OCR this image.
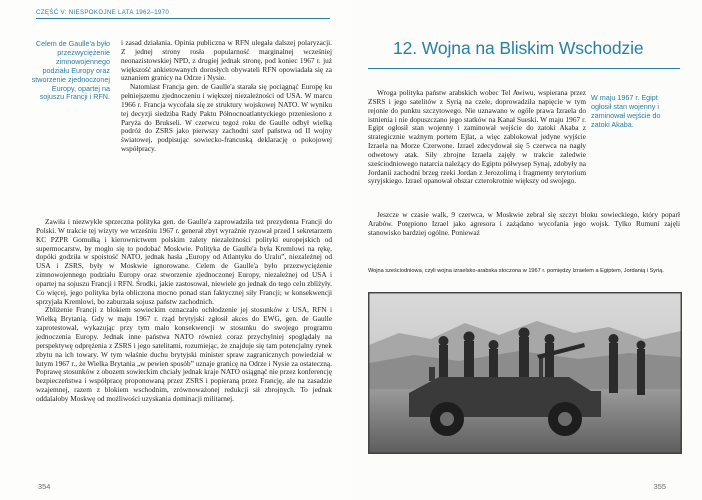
CZĘŚĆ V: NIESPOKOJNE LATA 1962–1970
Celem de Gaulle'a było przezwyciężenie zimnowojennego podziału Europy oraz stworzenie zjednoczonej Europy, opartej na sojuszu Francji i RFN.

i zasad działania. Opinia publiczna w RFN ulegała dalszej polaryzacji. Z jednej strony rosła popularność marginalnej wcześniej neonazistowskiej NPD, z drugiej jednak stronę, pod koniec 1967 r. już większość ankietowanych dorosłych obywateli RFN opowiadała się za uznaniem granicy na Odrze i Nysie.

Natomiast Francja gen. de Gaulle'a starała się pociągnąć Europę ku pełniejszemu zjednoczeniu i większej niezależności od USA. W marcu 1966 r. Francja wycofała się ze struktury wojskowej NATO. W wyniku tej decyzji siedziba Rady Paktu Północnoatlantyckiego przeniesiono z Paryża do Brukseli. W czerwcu tegoż roku de Gaulle odbył wielką podróż do ZSRS jako pierwszy zachodni szef państwa od II wojny światowej, podpisując sowiecko-francuską deklarację o pokojowej współpracy.

Zawiła i niezwykle sprzeczna polityka gen. de Gaulle'a zaprowadziła też prezydenta Francji do Polski. W trakcie tej wizyty we wrześniu 1967 r. generał zbyt wyraźnie ryzował przed I sekretarzem KC PZPR Gomułką i kierownictwem polskim zalety niezależności polityki europejskich od supermocarstw, by mogło się to podobać Moskwie. Polityka de Gaulle'a była Kremlowi na rękę, dopóki godziła w spoistość NATO, jednak hasła „Europy od Atlantyku do Uralu”, niezależnej od USA i ZSRS, były w Moskwie ignorowane. Celem de Gaulle'a było przezwyciężenie zimnowojennego podziału Europy oraz stworzenie zjednoczonej Europy, niezależnej od USA i opartej na sojuszu Francji i RFN. Środki, jakie zastosował, niewiele go jednak do tego celu zbliżyły. Co więcej, jego polityka była obliczona mocno ponad stan faktycznej siły Francji; w konsekwencji sprzyjała Kremlowi, bo zaburzała sojusz państw zachodnich.

Zbliżenie Francji z blokiem sowieckim oznaczało ochłodzenie jej stosunków z USA, RFN i Wielką Brytanią. Gdy w maju 1967 r. rząd brytyjski zgłosił akces do EWG, gen. de Gaulle zaprotestował, wykazując przy tym mało konsekwencji w stosunku do swojego programu jednoczenia Europy. Jednak inne państwa NATO również coraz przychylniej spoglądały na perspektywę odprężenia z ZSRS i jego satelitami, rozumiejąc, że znajduje się tam potencjalny rynek zbytu na ich towary. W tym właśnie duchu brytyjski minister spraw zagranicznych powiedział w lutym 1967 r., że Wielka Brytania „w pewien sposób” uznaje granicę na Odrze i Nysie za ostateczną. Poprawę stosunków z obozem sowieckim chciały jednak kraje NATO osiągnąć nie przez konferencję bezpieczeństwa i współpracę proponowaną przez ZSRS i popieraną przez Francję, ale na zasadzie wzajemnej, razem z blokiem wschodnim, zrównoważonej redukcji sił zbrojnych. To jednak oddalałoby Moskwę od możliwości uzyskania dominacji militarnej.

354
12. Wojna na Bliskim Wschodzie

Wroga polityka państw arabskich wobec Tel Awiwu, wspierana przez ZSRS i jego satelitów z Syrią na czele, doprowadziła napięcie w tym rejonie do punktu szczytowego. Nie uznawano w ogóle prawa Izraela do istnienia i nie dopuszczano jego statków na Kanał Sueski. W maju 1967 r. Egipt ogłosił stan wojenny i zaminował wejście do zatoki Akaba z strategicznie ważnym portem Ejlat, a więc zablokował jedyne wyjście Izraela na Morze Czerwone. Izrael zdecydował się 5 czerwca na nagły odwetowy atak. Siły zbrojne Izraela zajęły w trakcie zaledwie sześciodniowego natarcia należący do Egiptu półwysep Synaj, zdobyły na Jordanii zachodni brzeg rzeki Jordan z Jerozolimą i fragmenty terytorium syryjskiego. Izrael opanował obszar czterokrotnie większy od swojego.

W maju 1967 r. Egipt ogłosił stan wojenny i zaminował wejście do zatoki Akaba.

Jeszcze w czasie walk, 9 czerwca, w Moskwie zebrał się szczyt bloku sowieckiego, który poparł Arabów. Potępiono Izrael jako agresora i zażądano wycofania jego wojsk. Tylko Rumuni zajęli stanowisko bardziej ogólne. Ponieważ

Wojna sześciodniowa, czyli wojna izraelsko-arabska stoczona w 1967 r. pomiędzy Izraelem a Egiptem, Jordanią i Syrią.
355
